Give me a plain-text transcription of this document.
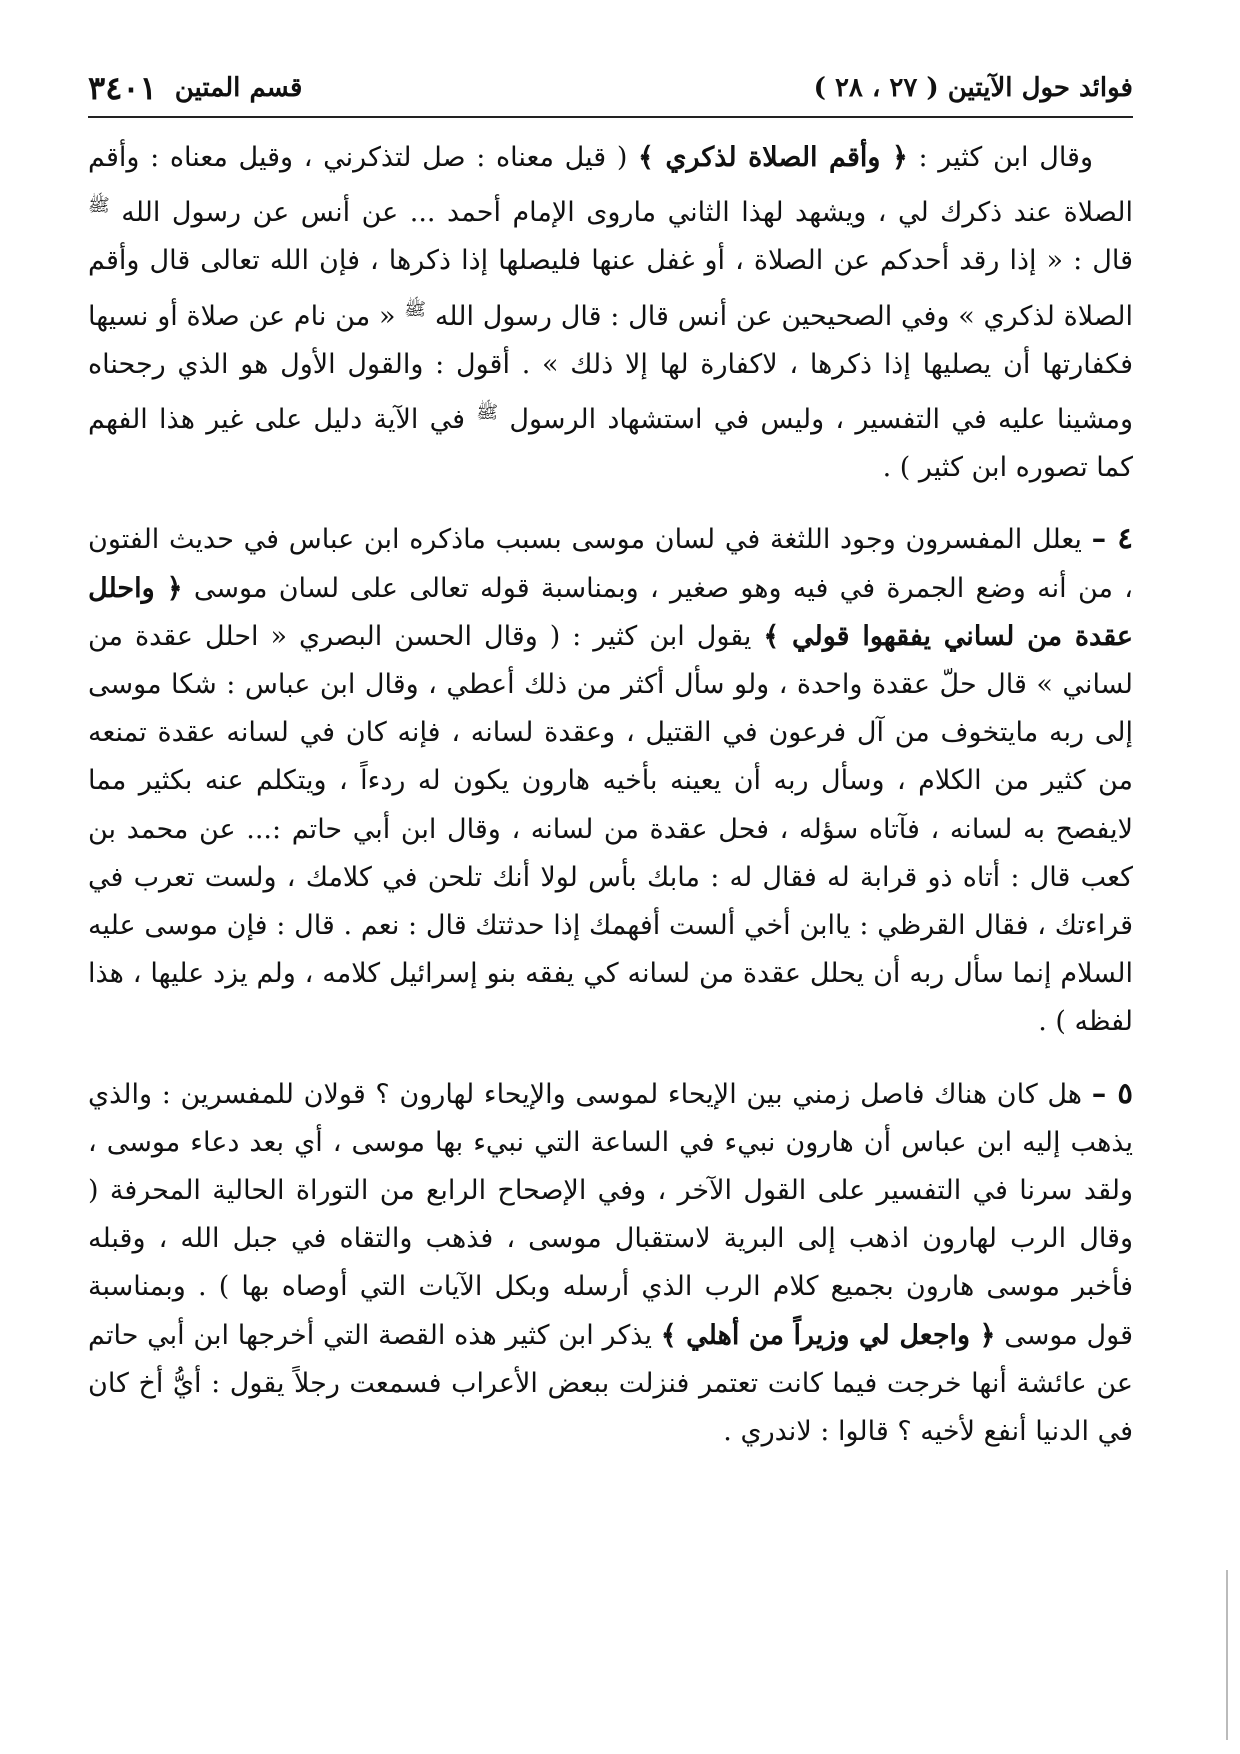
فوائد حول الآيتين ( ٢٧ ، ٢٨ )
قسم المتين
٣٤٠١

وقال ابن كثير : ﴿ وأقم الصلاة لذكري ﴾ ( قيل معناه : صل لتذكرني ، وقيل معناه : وأقم الصلاة عند ذكرك لي ، ويشهد لهذا الثاني ماروى الإمام أحمد ... عن أنس عن رسول الله $^ﷺ$ قال : « إذا رقد أحدكم عن الصلاة ، أو غفل عنها فليصلها إذا ذكرها ، فإن الله تعالى قال وأقم الصلاة لذكري » وفي الصحيحين عن أنس قال : قال رسول الله $^ﷺ$ « من نام عن صلاة أو نسيها فكفارتها أن يصليها إذا ذكرها ، لاكفارة لها إلا ذلك » . أقول : والقول الأول هو الذي رجحناه ومشينا عليه في التفسير ، وليس في استشهاد الرسول $^ﷺ$ في الآية دليل على غير هذا الفهم كما تصوره ابن كثير ) .

٤ – يعلل المفسرون وجود اللثغة في لسان موسى بسبب ماذكره ابن عباس في حديث الفتون ، من أنه وضع الجمرة في فيه وهو صغير ، وبمناسبة قوله تعالى على لسان موسى ﴿ واحلل عقدة من لساني يفقهوا قولي ﴾ يقول ابن كثير : ( وقال الحسن البصري « احلل عقدة من لساني » قال حلّ عقدة واحدة ، ولو سأل أكثر من ذلك أعطي ، وقال ابن عباس : شكا موسى إلى ربه مايتخوف من آل فرعون في القتيل ، وعقدة لسانه ، فإنه كان في لسانه عقدة تمنعه من كثير من الكلام ، وسأل ربه أن يعينه بأخيه هارون يكون له ردءاً ، ويتكلم عنه بكثير مما لايفصح به لسانه ، فآتاه سؤله ، فحل عقدة من لسانه ، وقال ابن أبي حاتم :... عن محمد بن كعب قال : أتاه ذو قرابة له فقال له : مابك بأس لولا أنك تلحن في كلامك ، ولست تعرب في قراءتك ، فقال القرظي : ياابن أخي ألست أفهمك إذا حدثتك قال : نعم . قال : فإن موسى عليه السلام إنما سأل ربه أن يحلل عقدة من لسانه كي يفقه بنو إسرائيل كلامه ، ولم يزد عليها ، هذا لفظه ) .

٥ – هل كان هناك فاصل زمني بين الإيحاء لموسى والإيحاء لهارون ؟ قولان للمفسرين : والذي يذهب إليه ابن عباس أن هارون نبيء في الساعة التي نبيء بها موسى ، أي بعد دعاء موسى ، ولقد سرنا في التفسير على القول الآخر ، وفي الإصحاح الرابع من التوراة الحالية المحرفة ( وقال الرب لهارون اذهب إلى البرية لاستقبال موسى ، فذهب والتقاه في جبل الله ، وقبله فأخبر موسى هارون بجميع كلام الرب الذي أرسله وبكل الآيات التي أوصاه بها ) . وبمناسبة قول موسى ﴿ واجعل لي وزيراً من أهلي ﴾ يذكر ابن كثير هذه القصة التي أخرجها ابن أبي حاتم عن عائشة أنها خرجت فيما كانت تعتمر فنزلت ببعض الأعراب فسمعت رجلاً يقول : أيُّ أخ كان في الدنيا أنفع لأخيه ؟ قالوا : لاندري .
